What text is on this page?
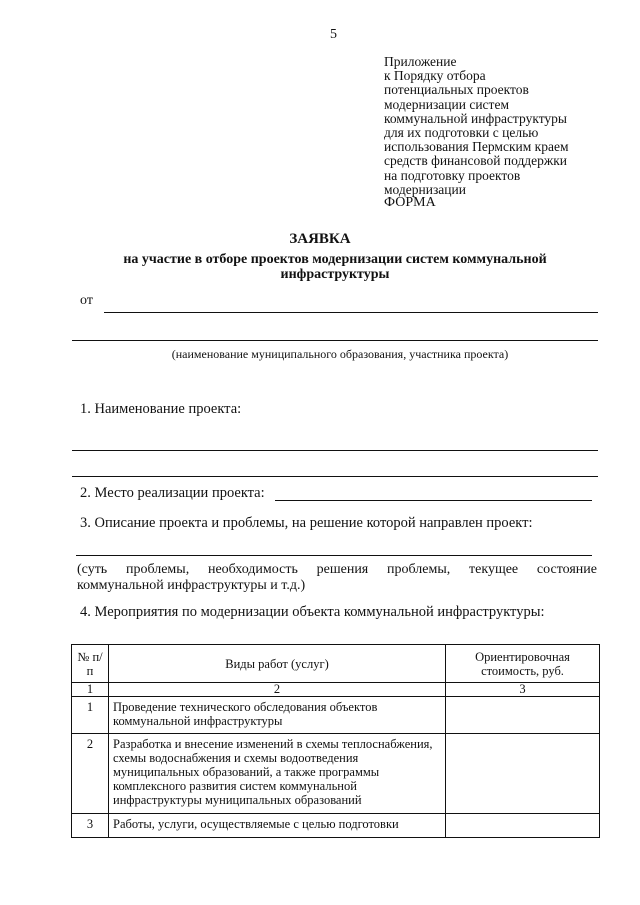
5
Приложение
к Порядку отбора
потенциальных проектов
модернизации систем
коммунальной инфраструктуры
для их подготовки с целью
использования Пермским краем
средств финансовой поддержки
на подготовку проектов
модернизации
ФОРМА
ЗАЯВКА
на участие в отборе проектов модернизации систем коммунальной инфраструктуры
от
(наименование муниципального образования, участника проекта)
1. Наименование проекта:
2. Место реализации проекта:
3. Описание проекта и проблемы, на решение которой направлен проект:
(суть проблемы, необходимость решения проблемы, текущее состояние
коммунальной инфраструктуры и т.д.)
4. Мероприятия по модернизации объекта коммунальной инфраструктуры:
№ п/п	Виды работ (услуг)	Ориентировочная стоимость, руб.
1	2	3
1	Проведение технического обследования объектов коммунальной инфраструктуры	
2	Разработка и внесение изменений в схемы теплоснабжения, схемы водоснабжения и схемы водоотведения муниципальных образований, а также программы комплексного развития систем коммунальной инфраструктуры муниципальных образований	
3	Работы, услуги, осуществляемые с целью подготовки	
